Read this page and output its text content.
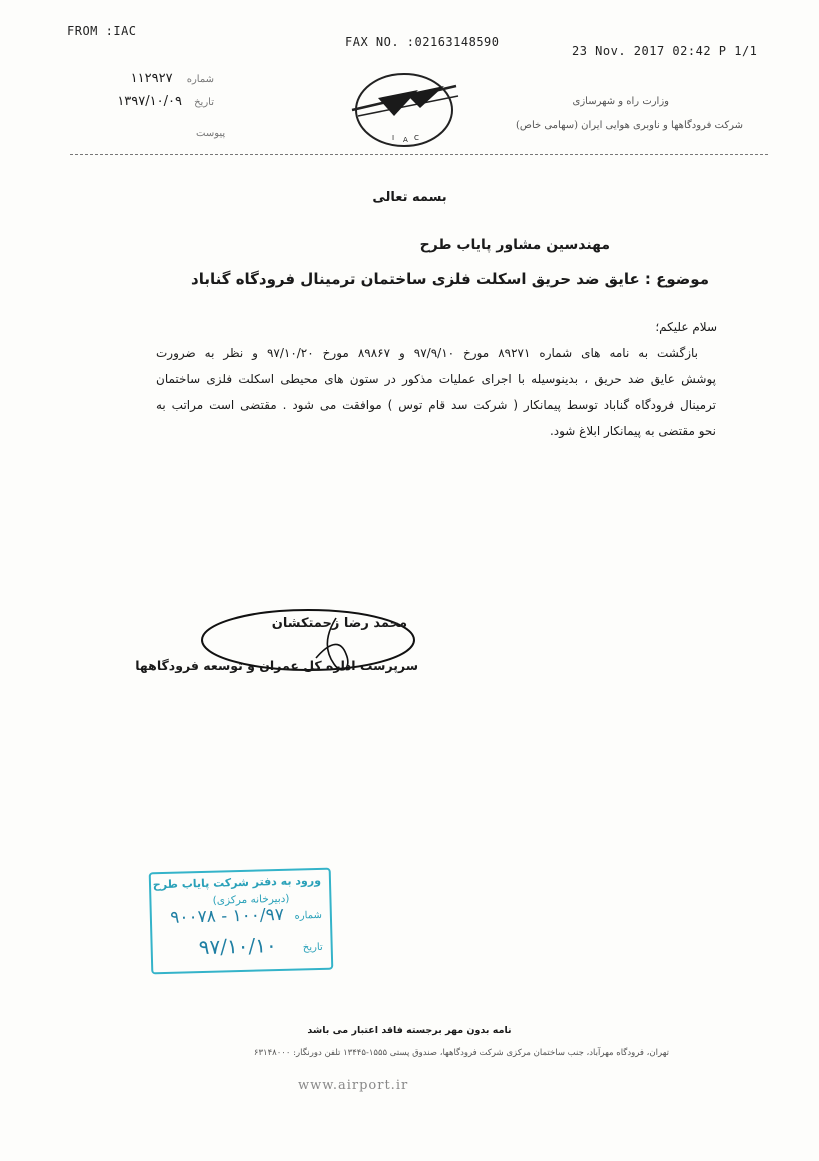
FROM :IAC
FAX NO. :02163148590
23 Nov. 2017 02:42 P 1/1
شماره ۱۱۲۹۲۷
تاریخ ۱۳۹۷/۱۰/۰۹
پیوست	I A C
وزارت راه و شهرسازی
شرکت فرودگاهها و ناوبری هوایی ایران (سهامی خاص)
بسمه تعالی
مهندسین مشاور پایاب طرح
موضوع : عایق ضد حریق اسکلت فلزی ساختمان ترمینال فرودگاه گناباد
سلام علیکم؛

بازگشت به نامه های شماره ۸۹۲۷۱ مورخ ۹۷/۹/۱۰ و ۸۹۸۶۷ مورخ ۹۷/۱۰/۲۰ و نظر به ضرورت

پوشش عایق ضد حریق ، بدینوسیله با اجرای عملیات مذکور در ستون های محیطی اسکلت فلزی ساختمان

ترمینال فرودگاه گناباد توسط پیمانکار ( شرکت سد قام توس ) موافقت می شود . مقتضی است مراتب به

نحو مقتضی به پیمانکار ابلاغ شود.

محمد رضا زحمتکشان
سرپرست اداره کل عمران و توسعه فرودگاهها
ورود به دفتر شرکت پایاب طرح
(دبیرخانه مرکزی)
شماره
۱۰۰/۹۷ - ۹۰۰۷۸
تاریخ
۹۷/۱۰/۱۰
نامه بدون مهر برجسته فاقد اعتبار می باشد
تهران، فرودگاه مهرآباد، جنب ساختمان مرکزی شرکت فرودگاهها، صندوق پستی ۱۵۵۵-۱۳۴۴۵ تلفن دورنگار: ۶۳۱۴۸۰۰۰
www.airport.ir
